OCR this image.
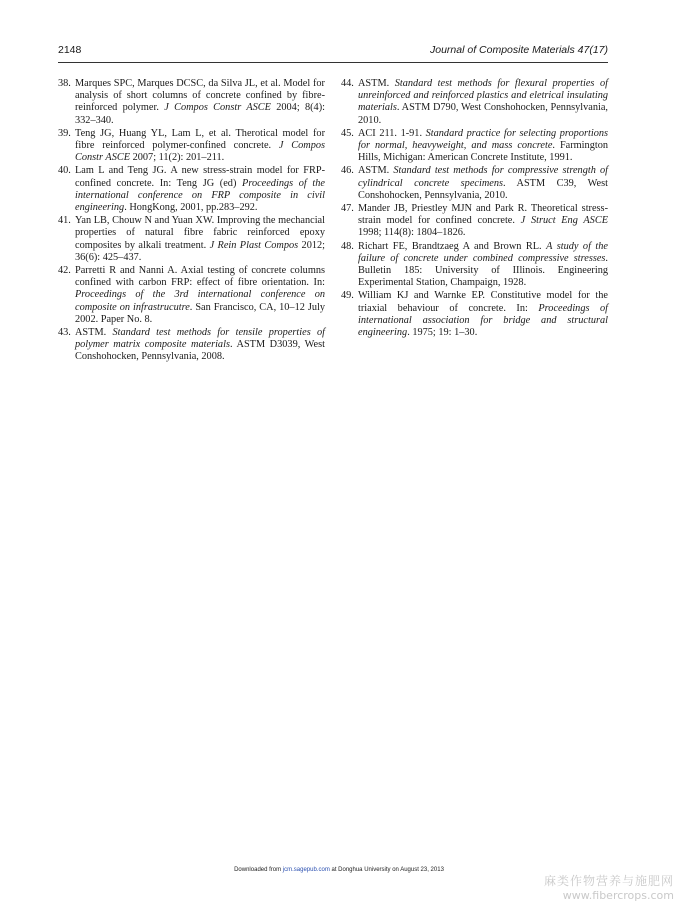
2148	Journal of Composite Materials 47(17)
38. Marques SPC, Marques DCSC, da Silva JL, et al. Model for analysis of short columns of concrete confined by fibre-reinforced polymer. J Compos Constr ASCE 2004; 8(4): 332–340.
39. Teng JG, Huang YL, Lam L, et al. Therotical model for fibre reinforced polymer-confined concrete. J Compos Constr ASCE 2007; 11(2): 201–211.
40. Lam L and Teng JG. A new stress-strain model for FRP-confined concrete. In: Teng JG (ed) Proceedings of the international conference on FRP composite in civil engineering. HongKong, 2001, pp.283–292.
41. Yan LB, Chouw N and Yuan XW. Improving the mechancial properties of natural fibre fabric reinforced epoxy composites by alkali treatment. J Rein Plast Compos 2012; 36(6): 425–437.
42. Parretti R and Nanni A. Axial testing of concrete columns confined with carbon FRP: effect of fibre orientation. In: Proceedings of the 3rd international conference on composite on infrastrucutre. San Francisco, CA, 10–12 July 2002. Paper No. 8.
43. ASTM. Standard test methods for tensile properties of polymer matrix composite materials. ASTM D3039, West Conshohocken, Pennsylvania, 2008.
44. ASTM. Standard test methods for flexural properties of unreinforced and reinforced plastics and eletrical insulating materials. ASTM D790, West Conshohocken, Pennsylvania, 2010.
45. ACI 211. 1-91. Standard practice for selecting proportions for normal, heavyweight, and mass concrete. Farmington Hills, Michigan: American Concrete Institute, 1991.
46. ASTM. Standard test methods for compressive strength of cylindrical concrete specimens. ASTM C39, West Conshohocken, Pennsylvania, 2010.
47. Mander JB, Priestley MJN and Park R. Theoretical stress-strain model for confined concrete. J Struct Eng ASCE 1998; 114(8): 1804–1826.
48. Richart FE, Brandtzaeg A and Brown RL. A study of the failure of concrete under combined compressive stresses. Bulletin 185: University of IIlinois. Engineering Experimental Station, Champaign, 1928.
49. William KJ and Warnke EP. Constitutive model for the triaxial behaviour of concrete. In: Proceedings of international association for bridge and structural engineering. 1975; 19: 1–30.
Downloaded from jcm.sagepub.com at Donghua University on August 23, 2013
麻类作物营养与施肥网
www.fibercrops.com
